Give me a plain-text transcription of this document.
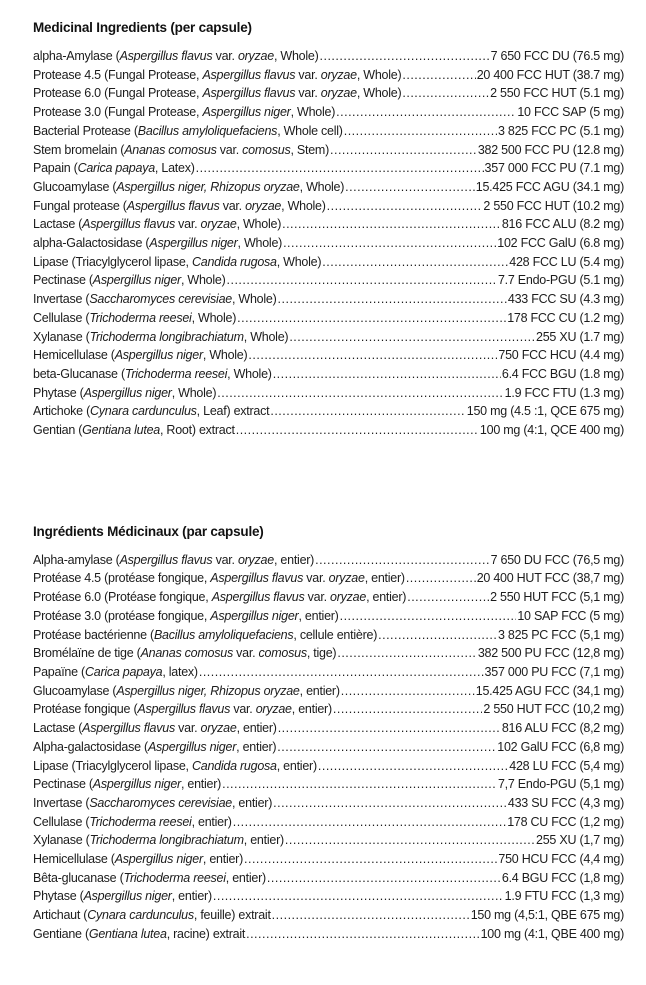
Medicinal Ingredients (per capsule)
alpha-Amylase (Aspergillus flavus var. oryzae, Whole) .....	7 650 FCC DU (76.5 mg)
Protease 4.5 (Fungal Protease, Aspergillus flavus var. oryzae, Whole) .....	20 400 FCC HUT (38.7 mg)
Protease 6.0 (Fungal Protease, Aspergillus flavus var. oryzae, Whole) .....	2 550 FCC HUT (5.1 mg)
Protease 3.0 (Fungal Protease, Aspergillus niger, Whole) .....	10 FCC SAP (5 mg)
Bacterial Protease (Bacillus amyloliquefaciens, Whole cell) .....	3 825 FCC PC (5.1 mg)
Stem bromelain (Ananas comosus var. comosus, Stem) .....	382 500 FCC PU (12.8 mg)
Papain (Carica papaya, Latex) .....	357 000 FCC PU (7.1 mg)
Glucoamylase (Aspergillus niger, Rhizopus oryzae, Whole) .....	15.425 FCC AGU (34.1 mg)
Fungal protease (Aspergillus flavus var. oryzae, Whole) .....	2 550 FCC HUT (10.2 mg)
Lactase (Aspergillus flavus var. oryzae, Whole) .....	816 FCC ALU (8.2 mg)
alpha-Galactosidase (Aspergillus niger, Whole) .....	102 FCC GalU (6.8 mg)
Lipase (Triacylglycerol lipase, Candida rugosa, Whole) .....	428 FCC LU (5.4 mg)
Pectinase (Aspergillus niger, Whole) .....	7.7 Endo-PGU (5.1 mg)
Invertase (Saccharomyces cerevisiae, Whole) .....	433 FCC SU (4.3 mg)
Cellulase (Trichoderma reesei, Whole) .....	178 FCC CU (1.2 mg)
Xylanase (Trichoderma longibrachiatum, Whole) .....	255 XU (1.7 mg)
Hemicellulase (Aspergillus niger, Whole) .....	750 FCC HCU (4.4 mg)
beta-Glucanase (Trichoderma reesei, Whole) .....	6.4 FCC BGU (1.8 mg)
Phytase (Aspergillus niger, Whole) .....	1.9 FCC FTU (1.3 mg)
Artichoke (Cynara cardunculus, Leaf) extract .....	150 mg (4.5 :1, QCE 675 mg)
Gentian (Gentiana lutea, Root) extract .....	100 mg (4:1, QCE 400 mg)
Ingrédients Médicinaux (par capsule)
Alpha-amylase (Aspergillus flavus var. oryzae, entier) .....	7 650 DU FCC (76,5 mg)
Protéase 4.5 (protéase fongique, Aspergillus flavus var. oryzae, entier) .....	20 400 HUT FCC (38,7 mg)
Protéase 6.0 (Protéase fongique, Aspergillus flavus var. oryzae, entier) .....	2 550 HUT FCC (5,1 mg)
Protéase 3.0 (protéase fongique, Aspergillus niger, entier) .....	10 SAP FCC (5 mg)
Protéase bactérienne (Bacillus amyloliquefaciens, cellule entière) .....	3 825 PC FCC (5,1 mg)
Bromélaïne de tige (Ananas comosus var. comosus, tige) .....	382 500 PU FCC (12,8 mg)
Papaïne (Carica papaya, latex) .....	357 000 PU FCC (7,1 mg)
Glucoamylase (Aspergillus niger, Rhizopus oryzae, entier) .....	15.425 AGU FCC (34,1 mg)
Protéase fongique (Aspergillus flavus var. oryzae, entier) .....	2 550 HUT FCC (10,2 mg)
Lactase (Aspergillus flavus var. oryzae, entier) .....	816 ALU FCC (8,2 mg)
Alpha-galactosidase (Aspergillus niger, entier) .....	102 GalU FCC (6,8 mg)
Lipase (Triacylglycerol lipase, Candida rugosa, entier) .....	428 LU FCC (5,4 mg)
Pectinase (Aspergillus niger, entier) .....	7,7 Endo-PGU (5,1 mg)
Invertase (Saccharomyces cerevisiae, entier) .....	433 SU FCC (4,3 mg)
Cellulase (Trichoderma reesei, entier) .....	178 CU FCC (1,2 mg)
Xylanase (Trichoderma longibrachiatum, entier) .....	255 XU (1,7 mg)
Hemicellulase (Aspergillus niger, entier) .....	750 HCU FCC (4,4 mg)
Bêta-glucanase (Trichoderma reesei, entier) .....	6.4 BGU FCC (1,8 mg)
Phytase (Aspergillus niger, entier) .....	1.9 FTU FCC (1,3 mg)
Artichaut (Cynara cardunculus, feuille) extrait .....	150 mg (4,5:1, QBE 675 mg)
Gentiane (Gentiana lutea, racine) extrait .....	100 mg (4:1, QBE 400 mg)
